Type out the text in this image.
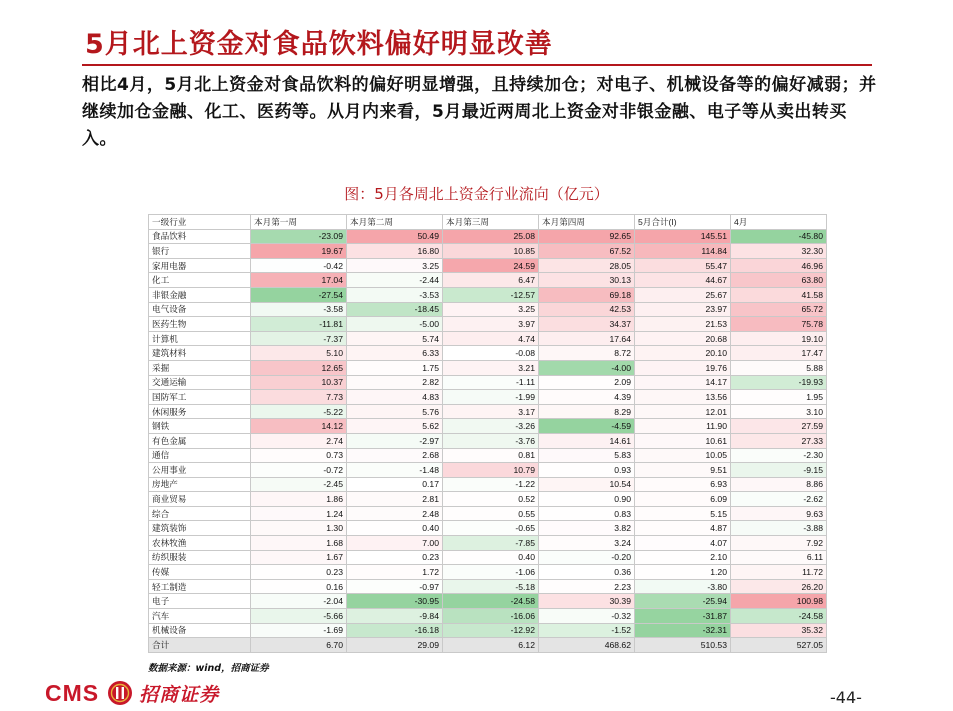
5月北上资金对食品饮料偏好明显改善
相比4月，5月北上资金对食品饮料的偏好明显增强，且持续加仓；对电子、机械设备等的偏好减弱；并继续加仓金融、化工、医药等。从月内来看，5月最近两周北上资金对非银金融、电子等从卖出转买入。
图：5月各周北上资金行业流向（亿元）
一级行业	本月第一周	本月第二周	本月第三周	本月第四周	5月合计(I)	4月
食品饮料	-23.09	50.49	25.08	92.65	145.51	-45.80
银行	19.67	16.80	10.85	67.52	114.84	32.30
家用电器	-0.42	3.25	24.59	28.05	55.47	46.96
化工	17.04	-2.44	6.47	30.13	44.67	63.80
非银金融	-27.54	-3.53	-12.57	69.18	25.67	41.58
电气设备	-3.58	-18.45	3.25	42.53	23.97	65.72
医药生物	-11.81	-5.00	3.97	34.37	21.53	75.78
计算机	-7.37	5.74	4.74	17.64	20.68	19.10
建筑材料	5.10	6.33	-0.08	8.72	20.10	17.47
采掘	12.65	1.75	3.21	-4.00	19.76	5.88
交通运输	10.37	2.82	-1.11	2.09	14.17	-19.93
国防军工	7.73	4.83	-1.99	4.39	13.56	1.95
休闲服务	-5.22	5.76	3.17	8.29	12.01	3.10
钢铁	14.12	5.62	-3.26	-4.59	11.90	27.59
有色金属	2.74	-2.97	-3.76	14.61	10.61	27.33
通信	0.73	2.68	0.81	5.83	10.05	-2.30
公用事业	-0.72	-1.48	10.79	0.93	9.51	-9.15
房地产	-2.45	0.17	-1.22	10.54	6.93	8.86
商业贸易	1.86	2.81	0.52	0.90	6.09	-2.62
综合	1.24	2.48	0.55	0.83	5.15	9.63
建筑装饰	1.30	0.40	-0.65	3.82	4.87	-3.88
农林牧渔	1.68	7.00	-7.85	3.24	4.07	7.92
纺织服装	1.67	0.23	0.40	-0.20	2.10	6.11
传媒	0.23	1.72	-1.06	0.36	1.20	11.72
轻工制造	0.16	-0.97	-5.18	2.23	-3.80	26.20
电子	-2.04	-30.95	-24.58	30.39	-25.94	100.98
汽车	-5.66	-9.84	-16.06	-0.32	-31.87	-24.58
机械设备	-1.69	-16.18	-12.92	-1.52	-32.31	35.32
合计	6.70	29.09	6.12	468.62	510.53	527.05
数据来源：wind，招商证券
CMS 招商证券	-44-
